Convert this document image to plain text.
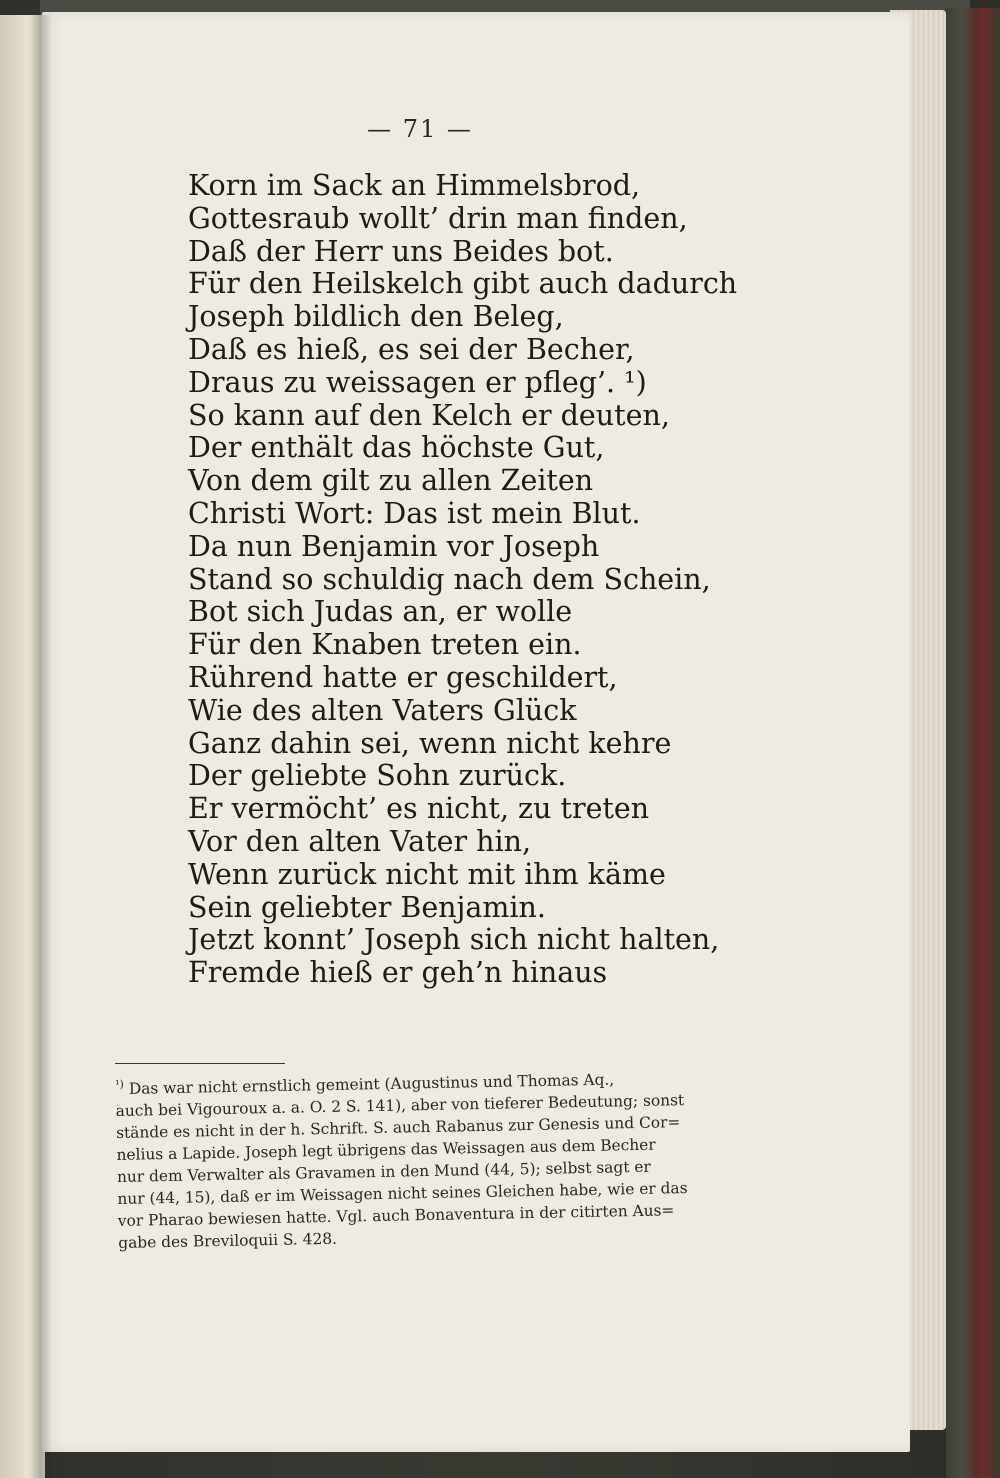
— 71 —
Korn im Sack an Himmelsbrod,
Gottesraub wollt’ drin man finden,
Daß der Herr uns Beides bot.
Für den Heilskelch gibt auch dadurch
Joseph bildlich den Beleg,
Daß es hieß, es sei der Becher,
Draus zu weissagen er pfleg’. ¹)
So kann auf den Kelch er deuten,
Der enthält das höchste Gut,
Von dem gilt zu allen Zeiten
Christi Wort: Das ist mein Blut.
Da nun Benjamin vor Joseph
Stand so schuldig nach dem Schein,
Bot sich Judas an, er wolle
Für den Knaben treten ein.
Rührend hatte er geschildert,
Wie des alten Vaters Glück
Ganz dahin sei, wenn nicht kehre
Der geliebte Sohn zurück.
Er vermöcht’ es nicht, zu treten
Vor den alten Vater hin,
Wenn zurück nicht mit ihm käme
Sein geliebter Benjamin.
Jetzt konnt’ Joseph sich nicht halten,
Fremde hieß er geh’n hinaus

$^{^1)}$ Das war nicht ernstlich gemeint (Augustinus und Thomas Aq.,

auch bei Vigouroux a. a. O. 2 S. 141), aber von tieferer Bedeutung; sonst

stände es nicht in der h. Schrift. S. auch Rabanus zur Genesis und Cor=

nelius a Lapide. Joseph legt übrigens das Weissagen aus dem Becher

nur dem Verwalter als Gravamen in den Mund (44, 5); selbst sagt er

nur (44, 15), daß er im Weissagen nicht seines Gleichen habe, wie er das

vor Pharao bewiesen hatte. Vgl. auch Bonaventura in der citirten Aus=

gabe des Breviloquii S. 428.
